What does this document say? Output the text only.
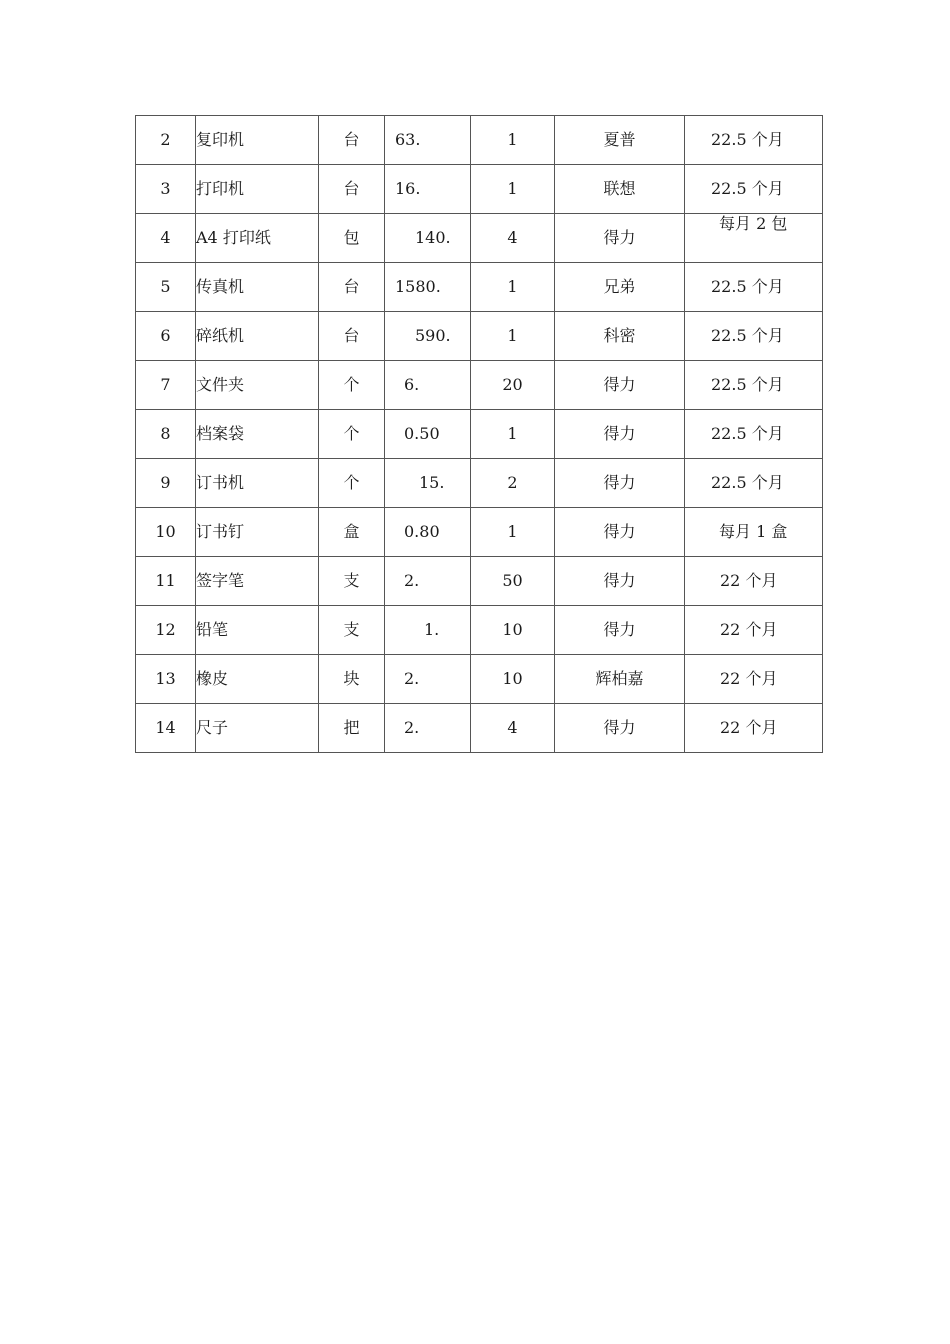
2	复印机	台	63.	1	夏普	22.5 个月
3	打印机	台	16.	1	联想	22.5 个月
4	A4 打印纸	包	140.	4	得力	每月 2 包
5	传真机	台	1580.	1	兄弟	22.5 个月
6	碎纸机	台	590.	1	科密	22.5 个月
7	文件夹	个	6.	20	得力	22.5 个月
8	档案袋	个	0.50	1	得力	22.5 个月
9	订书机	个	15.	2	得力	22.5 个月
10	订书钉	盒	0.80	1	得力	每月 1 盒
11	签字笔	支	2.	50	得力	22 个月
12	铅笔	支	1.	10	得力	22 个月
13	橡皮	块	2.	10	辉柏嘉	22 个月
14	尺子	把	2.	4	得力	22 个月
